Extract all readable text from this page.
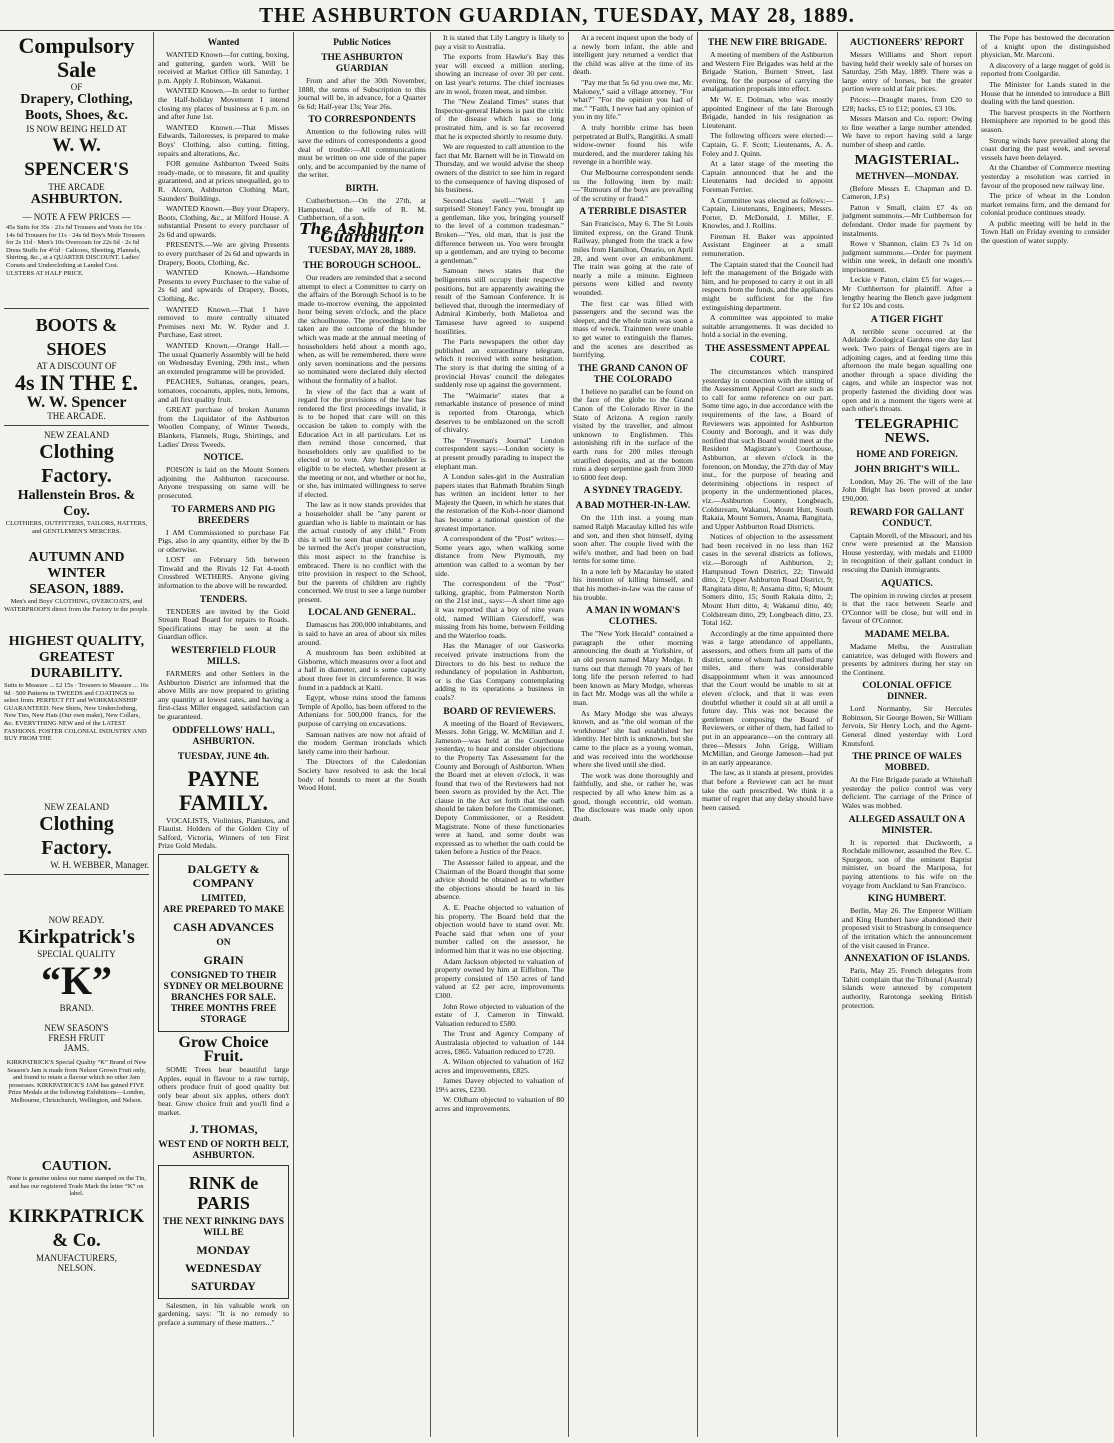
THE ASHBURTON GUARDIAN, TUESDAY, MAY 28, 1889.
Compulsory Sale
OF
Drapery, Clothing,
Boots, Shoes, &c.
IS NOW BEING HELD AT
W. W. SPENCER'S
THE ARCADE
ASHBURTON.
— NOTE A FEW PRICES —
45s Suits for 35s · 21s 6d Trousers and Vests for 16s · 14s 6d Trousers for 11s · 24s 6d Boy's Mole Trousers for 2s 11d · Men's 10s Overcoats for 22s 6d · 2s 6d Dress Stuffs for 4½d · Calicoes, Sheeting, Flannels, Shirting, &c., at a QUARTER DISCOUNT. Ladies' Corsets and Underclothing at Landed Cost. ULSTERS AT HALF PRICE.
BOOTS & SHOES
AT A DISCOUNT OF
4s IN THE £.
W. W. Spencer
THE ARCADE.
NEW ZEALAND
Clothing Factory.
Hallenstein Bros. & Coy.
CLOTHIERS, OUTFITTERS, TAILORS, HATTERS, and GENTLEMEN'S MERCERS.
AUTUMN AND WINTER
SEASON, 1889.
Men's and Boys' CLOTHING, OVERCOATS, and WATERPROOFS direct from the Factory to the people.
HIGHEST QUALITY,
GREATEST DURABILITY.
Suits to Measure ... £2 15s · Trousers to Measure ... 16s 9d · 500 Patterns in TWEEDS and COATINGS to select from. PERFECT FIT and WORKMANSHIP GUARANTEED. New Shirts, New Underclothing, New Ties, New Hats (Our own make), New Collars, &c. EVERYTHING NEW and of the LATEST FASHIONS. FOSTER COLONIAL INDUSTRY AND BUY FROM THE
NEW ZEALAND
Clothing Factory.
W. H. WEBBER, Manager.
NOW READY.
Kirkpatrick's
SPECIAL QUALITY
“K”
BRAND.
NEW SEASON'S
FRESH FRUIT
JAMS.
KIRKPATRICK'S Special Quality “K” Brand of New Season's Jam is made from Nelson Grown Fruit only, and found to retain a flavour which no other Jam possesses. KIRKPATRICK'S JAM has gained FIVE Prize Medals at the following Exhibitions—London, Melbourne, Christchurch, Wellington, and Nelson.
CAUTION.
None is genuine unless our name stamped on the Tin, and has our registered Trade Mark the letter “K” on label.
KIRKPATRICK & Co.
MANUFACTURERS,
NELSON.
Wanted

WANTED Known—for cutting, boxing, and guttering, garden work. Will be received at Market Office till Saturday, 1 p.m. Apply J. Robinson, Wakanui.

WANTED Known.—In order to further the Half-holiday Movement I intend closing my places of business at 6 p.m. on and after June 1st.

WANTED Known.—That Misses Edwards, Tailoresses, is prepared to make Boys' Clothing, also cutting, fitting, repairs and alterations, &c.

FOR genuine Ashburton Tweed Suits ready-made, or to measure, fit and quality guaranteed, and at prices unequalled, go to R. Alcorn, Ashburton Clothing Mart, Saunders' Buildings.

WANTED Known.—Buy your Drapery, Boots, Clothing, &c., at Milford House. A substantial Present to every purchaser of 2s 6d and upwards.

PRESENTS.—We are giving Presents to every purchaser of 2s 6d and upwards in Drapery, Boots, Clothing, &c.

WANTED Known.—Handsome Presents to every Purchaser to the value of 2s 6d and upwards of Drapery, Boots, Clothing, &c.

WANTED Known.—That I have removed to more centrally situated Premises next Mr. W. Ryder and J. Purchase, East street.

WANTED Known.—Orange Hall.—The usual Quarterly Assembly will be held on Wednesday Evening, 29th inst., when an extended programme will be provided.

PEACHES, Sultanas, oranges, pears, tomatoes, cocoanuts, apples, nuts, lemons, and all first quality fruit.

GREAT purchase of broken Autumn from the Liquidator of the Ashburton Woollen Company, of Winter Tweeds, Blankets, Flannels, Rugs, Shirtings, and Ladies' Dress Tweeds.

NOTICE.

POISON is laid on the Mount Somers adjoining the Ashburton racecourse. Anyone trespassing on same will be prosecuted.

TO FARMERS AND PIG BREEDERS

I AM Commissioned to purchase Fat Pigs, also in any quantity, either by the lb or otherwise.

LOST on February 5th between Tinwald and the Rivals 12 Fat 4-tooth Crossbred WETHERS. Anyone giving information to the above will be rewarded.

TENDERS.

TENDERS are invited by the Gold Stream Road Board for repairs to Roads. Specifications may be seen at the Guardian office.

WESTERFIELD FLOUR MILLS.

FARMERS and other Settlers in the Ashburton District are informed that the above Mills are now prepared to gristing any quantity at lowest rates, and having a first-class Miller engaged, satisfaction can be guaranteed.

ODDFELLOWS' HALL, ASHBURTON.
TUESDAY, JUNE 4th.
PAYNE FAMILY.

VOCALISTS, Violinists, Pianistes, and Flautist. Holders of the Golden City of Salford, Victoria, Winners of ten First Prize Gold Medals.

DALGETY & COMPANY
LIMITED,
ARE PREPARED TO MAKE
CASH ADVANCES
ON
GRAIN
CONSIGNED TO THEIR SYDNEY OR MELBOURNE BRANCHES FOR SALE. THREE MONTHS FREE STORAGE
Grow Choice Fruit.

SOME Trees bear beautiful large Apples, equal in flavour to a raw turnip, others produce fruit of good quality but only bear about six apples, others don't bear. Grow choice fruit and you'll find a market.

J. THOMAS,
WEST END OF NORTH BELT, ASHBURTON.
RINK de PARIS
THE NEXT RINKING DAYS WILL BE
MONDAY
WEDNESDAY
SATURDAY

Salesmen, in his valuable work on gardening, says: "It is no remedy to preface a summary of these matters..."

Public Notices
THE ASHBURTON GUARDIAN

From and after the 30th November, 1888, the terms of Subscription to this journal will be, in advance, for a Quarter 6s 6d; Half-year 13s; Year 26s.

TO CORRESPONDENTS

Attention to the following rules will save the editors of correspondents a good deal of trouble:—All communications must be written on one side of the paper only, and be accompanied by the name of the writer.

BIRTH.

Cutherbertson.—On the 27th, at Hampstead, the wife of R. M. Cuthbertson, of a son.

The Ashburton Guardian.
TUESDAY, MAY 28, 1889.
THE BOROUGH SCHOOL.

Our readers are reminded that a second attempt to elect a Committee to carry on the affairs of the Borough School is to be made to-morrow evening, the appointed hour being seven o'clock, and the place the schoolhouse. The proceedings to be taken are the outcome of the blunder which was made at the annual meeting of householders held about a month ago, when, as will be remembered, there were only seven nominations and the persons so nominated were declared duly elected without the formality of a ballot.

In view of the fact that a want of regard for the provisions of the law has rendered the first proceedings invalid, it is to be hoped that care will on this occasion be taken to comply with the Education Act in all particulars. Let us then remind those concerned, that householders only are qualified to be elected or to vote. Any householder is eligible to be elected, whether present at the meeting or not, and whether or not he, or she, has intimated willingness to serve if elected.

The law as it now stands provides that a householder shall be "any parent or guardian who is liable to maintain or has the actual custody of any child." From this it will be seen that under what may be termed the Act's proper construction, this most aspect to the franchise is embraced. There is no conflict with the trite provision in respect to the School, but the parents of children are rightly concerned. We trust to see a large number present.

LOCAL AND GENERAL.

Damascus has 200,000 inhabitants, and is said to have an area of about six miles around.

A mushroom has been exhibited at Gisborne, which measures over a foot and a half in diameter, and is some capacity about three feet in circumference. It was found in a paddock at Kaiti.

Egypt, whose ruins stood the famous Temple of Apollo, has been offered to the Athenians for 500,000 francs, for the purpose of carrying on excavations.

Samoan natives are now not afraid of the modern German ironclads which lately came into their harbour.

The Directors of the Caledonian Society have resolved to ask the local body of hounds to meet at the South Wood Hotel.

It is stated that Lily Langtry is likely to pay a visit to Australia.

The exports from Hawke's Bay this year will exceed a million sterling, showing an increase of over 30 per cent. on last year's returns. The chief increases are in wool, frozen meat, and timber.

The "New Zealand Times" states that Inspector-general Habens is past the critic of the disease which has so long prostrated him, and is so far recovered that he is expected shortly to resume duty.

We are requested to call attention to the fact that Mr. Barnett will be in Tinwald on Thursday, and we would advise the sheep owners of the district to see him in regard to the consequence of having disposed of his business.

Second-class swell—"Well I am surprised! Stoney! Fancy you, brought up a gentleman, like you, bringing yourself to the level of a common tradesman." Broken—"Yes, old man, that is just the difference between us. You were brought up a gentleman, and are trying to become a gentleman."

Samoan news states that the belligerents still occupy their respective positions, but are apparently awaiting the result of the Samoan Conference. It is believed that, through the intermediary of Admiral Kimberly, both Malietoa and Tamasese have agreed to suspend hostilities.

The Paris newspapers the other day published an extraordinary telegram, which it received with some hesitation. The story is that during the sitting of a provincial Hovas' council the delegates suddenly rose up against the government.

The "Waimarie" states that a remarkable instance of presence of mind is reported from Otaronga, which deserves to be emblazoned on the scroll of chivalry.

The "Freeman's Journal" London correspondent says:—London society is at present proudly parading to inspect the elephant man.

A London sales-girl in the Australian papers states that Rahmath Ibrahim Singh has written an incident letter to her Majesty the Queen, in which he states that the restoration of the Koh-i-noor diamond has become a national question of the greatest importance.

A correspondent of the "Post" writes:—Some years ago, when walking some distance from New Plymouth, my attention was called to a woman by her side.

The correspondent of the "Post" talking, graphic, from Palmerston North on the 21st inst., says:—A short time ago it was reported that a boy of nine years old, named William Giersdorff, was missing from his home, between Feilding and the Waterloo roads.

Has the Manager of our Gasworks received private instructions from the Directors to do his best to reduce the redundancy of population in Ashburton, or is the Gas Company contemplating adding to its operations a business in coals?

BOARD OF REVIEWERS.

A meeting of the Board of Reviewers, Messrs. John Grigg, W. McMillan and J. Jameson—was held at the Courthouse yesterday, to hear and consider objections to the Property Tax Assessment for the County and Borough of Ashburton. When the Board met at eleven o'clock, it was found that two of the Reviewers had not been sworn as provided by the Act. The clause in the Act set forth that the oath should be taken before the Commissioner, Deputy Commissioner, or a Resident Magistrate. None of these functionaries were at hand, and some doubt was expressed as to whether the oath could be taken before a Justice of the Peace.

The Assessor failed to appear, and the Chairman of the Board thought that some advice should be obtained as to whether the objections should be heard in his absence.

A. E. Peache objected to valuation of his property. The Board held that the objection would have to stand over. Mr. Peache said that when one of your number called on the assessor, he informed him that it was no use objecting.

Adam Jackson objected to valuation of property owned by him at Eiffelton. The property consisted of 150 acres of land valued at £2 per acre, improvements £300.

John Rowe objected to valuation of the estate of J. Cameron in Tinwald. Valuation reduced to £580.

The Trust and Agency Company of Australasia objected to valuation of 144 acres, £865. Valuation reduced to £720.

A. Wilson objected to valuation of 162 acres and improvements, £825.

James Davey objected to valuation of 19½ acres, £230.

W. Oldham objected to valuation of 80 acres and improvements.

At a recent inquest upon the body of a newly born infant, the able and intelligent jury returned a verdict that the child was alive at the time of its death.

"Pay me that 5s 6d you owe me, Mr. Maloney," said a village attorney. "For what?" "For the opinion you had of me." "Faith, I never had any opinion of you in my life."

A truly horrible crime has been perpetrated at Bull's, Rangitiki. A small widow-owner found his wife murdered, and the murderer taking his revenge in a horrible way.

Our Melbourne correspondent sends us the following item by mail:—"Rumours of the boys are prevailing of the scrutiny or fraud."

A TERRIBLE DISASTER

San Francisco, May 6. The St Louis limited express, on the Grand Trunk Railway, plunged from the track a few miles from Hamilton, Ontario, on April 28, and went over an embankment. The train was going at the rate of nearly a mile a minute. Eighteen persons were killed and twenty wounded.

The first car was filled with passengers and the second was the sleeper, and the whole train was soon a mass of wreck. Trainmen were unable to get water to extinguish the flames, and the scenes are described as horrifying.

THE GRAND CANON OF THE COLORADO

I believe no parallel can be found on the face of the globe to the Grand Canon of the Colorado River in the State of Arizona. A region rarely visited by the traveller, and almost unknown to Englishmen. This astonishing rift in the surface of the earth runs for 200 miles through stratified deposits, and at the bottom runs a deep serpentine gash from 3000 to 6000 feet deep.

A SYDNEY TRAGEDY.
A BAD MOTHER-IN-LAW.

On the 11th inst. a young man named Ralph Macaulay killed his wife and son, and then shot himself, dying soon after. The couple lived with the wife's mother, and had been on bad terms for some time.

In a note left by Macaulay he stated his intention of killing himself, and that his mother-in-law was the cause of his trouble.

A MAN IN WOMAN'S CLOTHES.

The "New York Herald" contained a paragraph the other morning announcing the death at Yorkshire, of an old person named Mary Modge. It turns out that through 70 years of her long life the person referred to had been known as Mary Modge, whereas in fact Mr. Modge was all the while a man.

As Mary Modge she was always known, and as "the old woman of the workhouse" she had established her identity. Her birth is unknown, but she came to the place as a young woman, and was received into the workhouse where she lived until she died.

The work was done thoroughly and faithfully, and she, or rather he, was respected by all who knew him as a good, though eccentric, old woman. The disclosure was made only upon death.

THE NEW FIRE BRIGADE.

A meeting of members of the Ashburton and Western Fire Brigades was held at the Brigade Station, Burnett Street, last evening, for the purpose of carrying the amalgamation proposals into effect.

Mr W. E. Dolman, who was mostly appointed Engineer of the late Borough Brigade, handed in his resignation as Lieutenant.

The following officers were elected:—Captain, G. F. Scott; Lieutenants, A. A. Foley and J. Quinn.

At a later stage of the meeting the Captain announced that he and the Lieutenants had decided to appoint Foreman Ferrier.

A Committee was elected as follows:—Captain, Lieutenants, Engineers, Messrs. Porter, D. McDonald, J. Miller, F. Knowles, and J. Rollins.

Fireman H. Baker was appointed Assistant Engineer at a small remuneration.

The Captain stated that the Council had left the management of the Brigade with him, and he proposed to carry it out in all respects from the funds, and the appliances might be sufficient for the fire extinguishing department.

A committee was appointed to make suitable arrangements. It was decided to hold a social in the evening.

THE ASSESSMENT APPEAL COURT.

The circumstances which transpired yesterday in connection with the sitting of the Assessment Appeal Court are such as to call for some reference on our part. Some time ago, in due accordance with the requirements of the law, a Board of Reviewers was appointed for Ashburton County and Borough, and it was duly notified that such Board would meet at the Resident Magistrate's Courthouse, Ashburton, at eleven o'clock in the forenoon, on Monday, the 27th day of May inst., for the purpose of hearing and determining objections in respect of property in the undermentioned places, viz.—Ashburton County, Longbeach, Coldstream, Wakanui, Mount Hutt, South Rakaia, Mount Somers, Anama, Rangitata, and Upper Ashburton Road Districts.

Notices of objection to the assessment had been received in no less than 162 cases in the several districts as follows, viz.—Borough of Ashburton, 2; Hampstead Town District, 22; Tinwald ditto, 2; Upper Ashburton Road District, 9; Rangitata ditto, 8; Ansama ditto, 6; Mount Somers ditto, 15; South Rakaia ditto, 2; Mount Hutt ditto, 4; Wakanui ditto, 40; Coldstream ditto, 29; Longbeach ditto, 23. Total 162.

Accordingly at the time appointed there was a large attendance of appellants, assessors, and others from all parts of the district, some of whom had travelled many miles, and there was considerable disappointment when it was announced that the Court would be unable to sit at eleven o'clock, and that it was even doubtful whether it could sit at all until a future day. This was not because the gentlemen composing the Board of Reviewers, or either of them, had failed to put in an appearance—on the contrary all three—Messrs John Grigg, William McMillan, and George Jameson—had put in an early appearance.

The law, as it stands at present, provides that before a Reviewer can act he must take the oath prescribed. We think it a matter of regret that any delay should have been caused.

AUCTIONEERS' REPORT

Messrs Williams and Short report having held their weekly sale of horses on Saturday, 25th May, 1889. There was a large entry of horses, but the greater portion were sold at fair prices.

Prices:—Draught mares, from £20 to £28; hacks, £5 to £12; ponies, £3 10s.

Messrs Matson and Co. report: Owing to fine weather a large number attended. We have to report having sold a large number of sheep and cattle.

MAGISTERIAL.
METHVEN—MONDAY.

(Before Messrs E. Chapman and D. Cameron, J.P.s)

Patton v Small, claim £7 4s on judgment summons.—Mr Cuthbertson for defendant. Order made for payment by instalments.

Rowe v Shannon, claim £3 7s 1d on judgment summons.—Order for payment within one week, in default one month's imprisonment.

Leckie v Paton, claim £5 for wages.—Mr Cuthbertson for plaintiff. After a lengthy hearing the Bench gave judgment for £2 10s and costs.

A TIGER FIGHT

A terrible scene occurred at the Adelaide Zoological Gardens one day last week. Two pairs of Bengal tigers are in adjoining cages, and at feeding time this afternoon the male began squalling one another through a space dividing the cages, and while an inspector was not properly fastened the dividing door was open and in a moment the tigers were at each other's throats.

TELEGRAPHIC NEWS.
HOME AND FOREIGN.
JOHN BRIGHT'S WILL.

London, May 26. The will of the late John Bright has been proved at under £90,000.

REWARD FOR GALLANT CONDUCT.

Captain Morell, of the Missouri, and his crew were presented at the Mansion House yesterday, with medals and £1000 in recognition of their gallant conduct in rescuing the Danish immigrants.

AQUATICS.

The opinion in rowing circles at present is that the race between Searle and O'Connor will be close, but will end in favour of O'Connor.

MADAME MELBA.

Madame Melba, the Australian cantatrice, was deluged with flowers and presents by admirers during her stay on the Continent.

COLONIAL OFFICE DINNER.

Lord Normanby, Sir Hercules Robinson, Sir George Bowen, Sir William Jervois, Sir Henry Loch, and the Agent-General dined yesterday with Lord Knutsford.

THE PRINCE OF WALES MOBBED.

At the Fire Brigade parade at Whitehall yesterday the police control was very deficient. The carriage of the Prince of Wales was mobbed.

ALLEGED ASSAULT ON A MINISTER.

It is reported that Duckworth, a Rochdale millowner, assaulted the Rev. C. Spurgeon, son of the eminent Baptist minister, on board the Mariposa, for paying attentions to his wife on the voyage from Auckland to San Francisco.

KING HUMBERT.

Berlin, May 26. The Emperor William and King Humbert have abandoned their proposed visit to Strasburg in consequence of the irritation which the announcement of the visit caused in France.

ANNEXATION OF ISLANDS.

Paris, May 25. French delegates from Tahiti complain that the Tribunal (Austral) islands were annexed by competent authority, Rarotonga seeking British protection.

The Pope has bestowed the decoration of a knight upon the distinguished physician, Mr. Marconi.

A discovery of a large nugget of gold is reported from Coolgardie.

The Minister for Lands stated in the House that he intended to introduce a Bill dealing with the land question.

The harvest prospects in the Northern Hemisphere are reported to be good this season.

Strong winds have prevailed along the coast during the past week, and several vessels have been delayed.

At the Chamber of Commerce meeting yesterday a resolution was carried in favour of the proposed new railway line.

The price of wheat in the London market remains firm, and the demand for colonial produce continues steady.

A public meeting will be held in the Town Hall on Friday evening to consider the question of water supply.
